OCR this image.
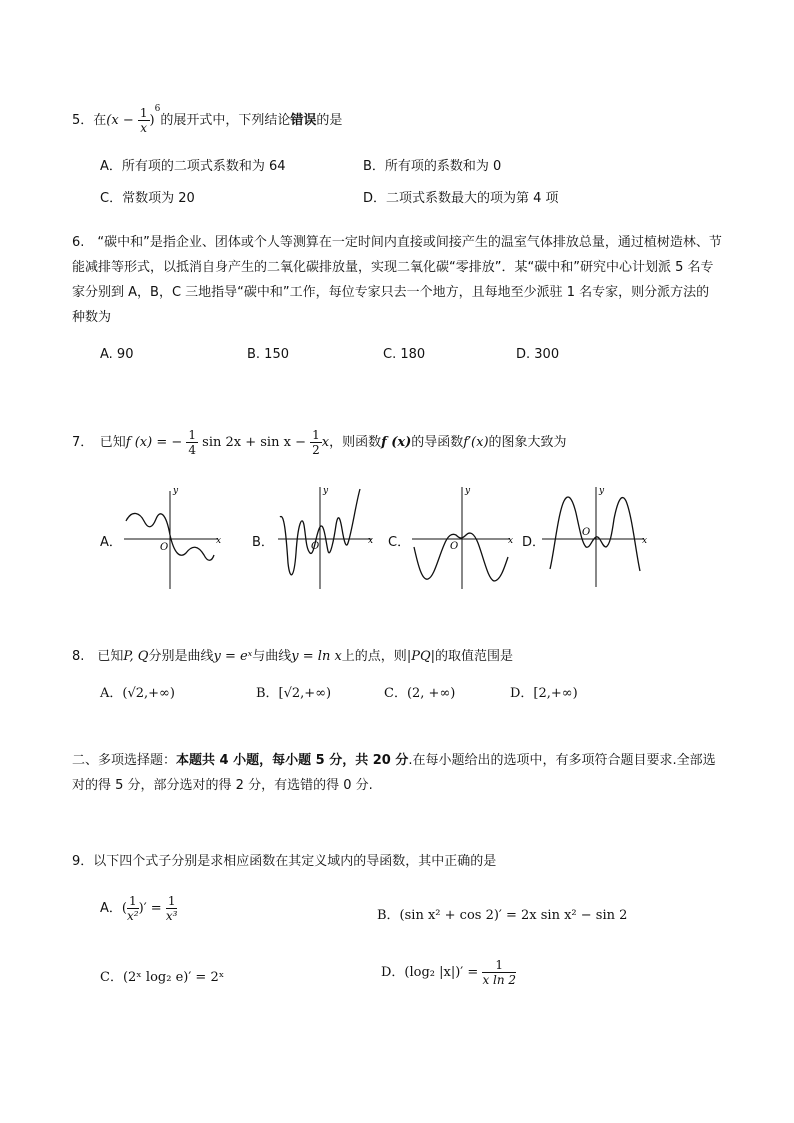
5．在$(x - \frac{1}{x} )^6$的展开式中，下列结论错误的是
A．所有项的二项式系数和为 64	B．所有项的系数和为 0
C．常数项为 20	D．二项式系数最大的项为第 4 项
6.　“碳中和”是指企业、团体或个人等测算在一定时间内直接或间接产生的温室气体排放总量，通过植树造林、节能减排等形式，以抵消自身产生的二氧化碳排放量，实现二氧化碳“零排放”．某“碳中和”研究中心计划派 5 名专家分别到 A，B，C 三地指导“碳中和”工作，每位专家只去一个地方，且每地至少派驻 1 名专家，则分派方法的种数为
A. 90	B. 150	C. 180	D. 300
7．　已知f (x) = − $\frac{1}{4}$ $\sin 2x + \sin x - \frac{1}{2}$ x，则函数f (x)的导函数f′(x)的图象大致为
A．
y
x
O	B．
y
x
O	C．
y
x
O	D．
y
x
O
8.　已知P, Q分别是曲线y = eˣ与曲线y = ln x上的点，则|PQ|的取值范围是
A．(√2,+∞)	B．[√2,+∞)	C．(2, +∞)	D．[2,+∞)
二、多项选择题：本题共 4 小题，每小题 5 分，共 20 分.在每小题给出的选项中，有多项符合题目要求.全部选对的得 5 分，部分选对的得 2 分，有选错的得 0 分.
9．以下四个式子分别是求相应函数在其定义域内的导函数，其中正确的是
A．( $\frac{1}{\text{x²}}$ )′ = $\frac{1}{\text{x³}}$	B．(sin x² + cos 2)′ = 2x sin x² − sin 2
C．(2ˣ log₂ e)′ = 2ˣ	D．(log₂ $|x|)' = \frac{1}{\text{x ln 2}}$
